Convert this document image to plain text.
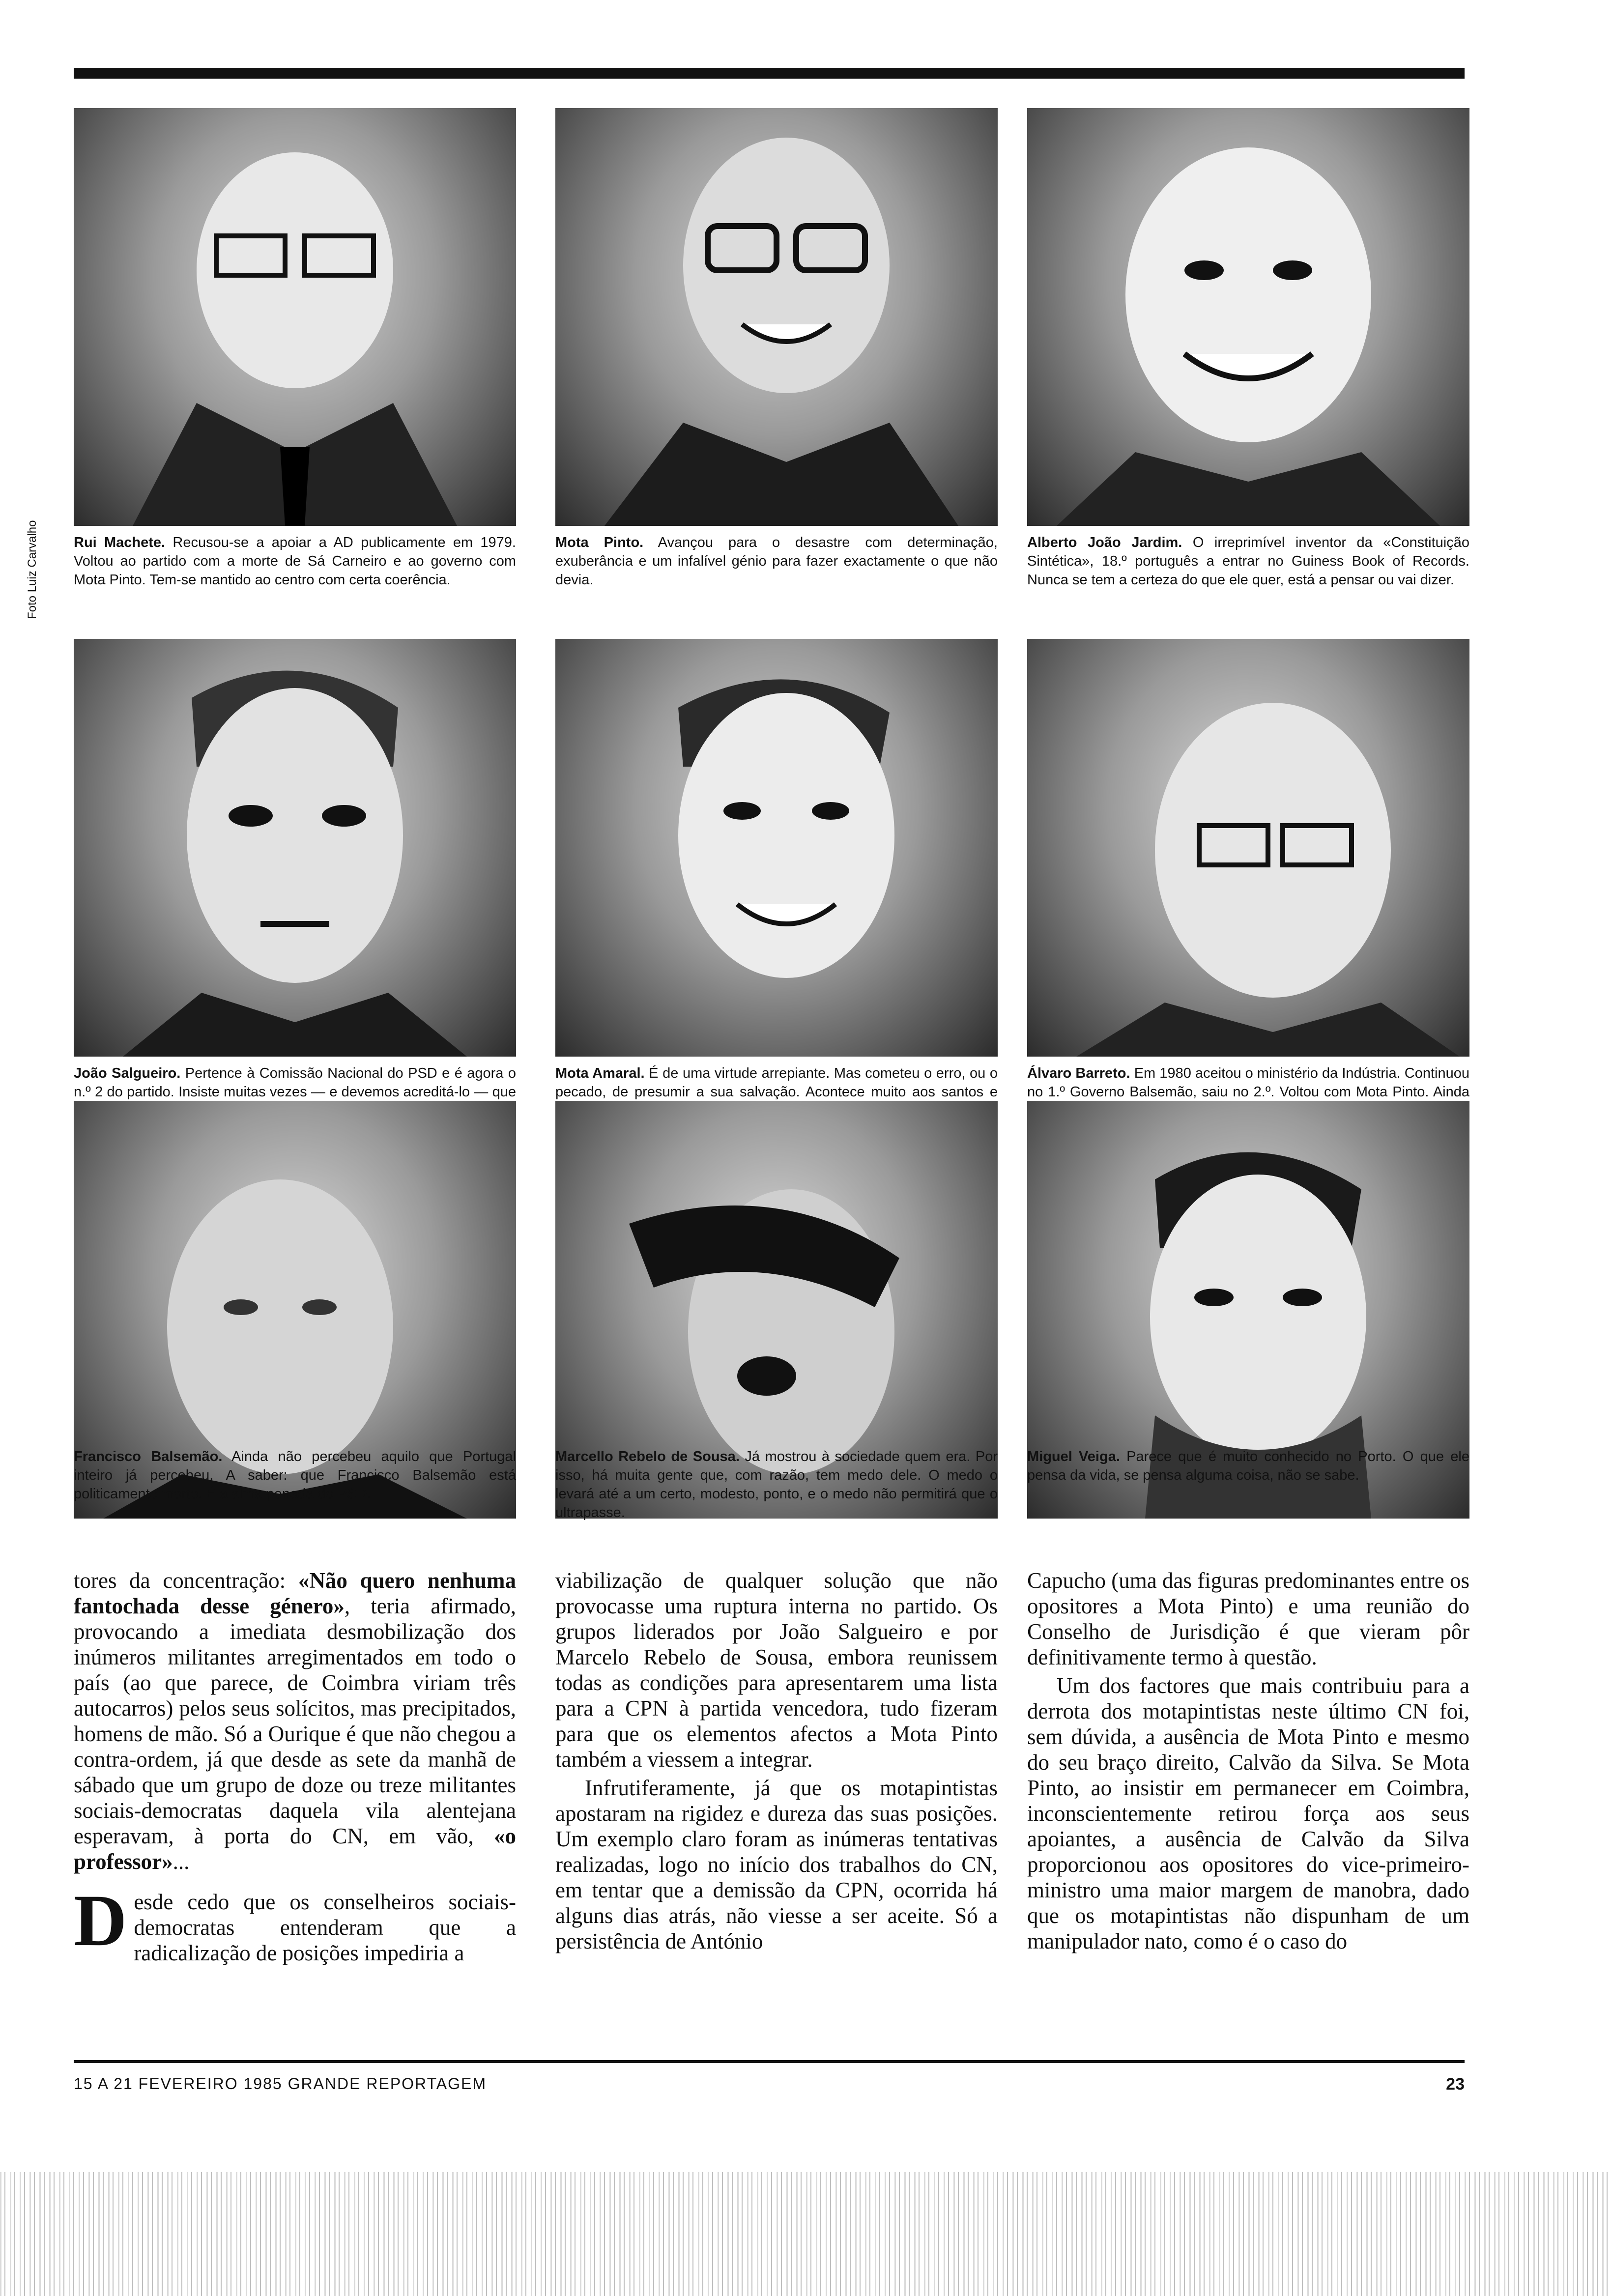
Foto Luiz Carvalho Rui Machete. Recusou-se a apoiar a AD publicamente em 1979. Voltou ao partido com a morte de Sá Carneiro e ao governo com Mota Pinto. Tem-se mantido ao centro com certa coerência.
Mota Pinto. Avançou para o desastre com determinação, exuberância e um infalível génio para fazer exactamente o que não devia.
Alberto João Jardim. O irreprimível inventor da «Constituição Sintética», 18.º português a entrar no Guiness Book of Records. Nunca se tem a certeza do que ele quer, está a pensar ou vai dizer.
João Salgueiro. Pertence à Comissão Nacional do PSD e é agora o n.º 2 do partido. Insiste muitas vezes — e devemos acreditá-lo — que
Mota Amaral. É de uma virtude arrepiante. Mas cometeu o erro, ou o pecado, de presumir a sua salvação. Acontece muito aos santos e
Álvaro Barreto. Em 1980 aceitou o ministério da Indústria. Continuou no 1.º Governo Balsemão, saiu no 2.º. Voltou com Mota Pinto. Ainda
Francisco Balsemão. Ainda não percebeu aquilo que Portugal inteiro já percebeu. A saber: que Francisco Balsemão está politicamente morto. É a alma penada do PSD.
Marcello Rebelo de Sousa. Já mostrou à sociedade quem era. Por isso, há muita gente que, com razão, tem medo dele. O medo o levará até a um certo, modesto, ponto, e o medo não permitirá que o ultrapasse.
Miguel Veiga. Parece que é muito conhecido no Porto. O que ele pensa da vida, se pensa alguma coisa, não se sabe.

tores da concentração: «Não quero nenhuma fantochada desse género», teria afirmado, provocando a imediata desmobilização dos inúmeros militantes arregimentados em todo o país (ao que parece, de Coimbra viriam três autocarros) pelos seus solícitos, mas precipitados, homens de mão. Só a Ourique é que não chegou a contra-ordem, já que desde as sete da manhã de sábado que um grupo de doze ou treze militantes sociais-democratas daquela vila alentejana esperavam, à porta do CN, em vão, «o professor»...

Desde cedo que os conselheiros sociais-democratas entenderam que a radicalização de posições impediria a

viabilização de qualquer solução que não provocasse uma ruptura interna no partido. Os grupos liderados por João Salgueiro e por Marcelo Rebelo de Sousa, embora reunissem todas as condições para apresentarem uma lista para a CPN à partida vencedora, tudo fizeram para que os elementos afectos a Mota Pinto também a viessem a integrar.

Infrutiferamente, já que os motapintistas apostaram na rigidez e dureza das suas posições. Um exemplo claro foram as inúmeras tentativas realizadas, logo no início dos trabalhos do CN, em tentar que a demissão da CPN, ocorrida há alguns dias atrás, não viesse a ser aceite. Só a persistência de António

Capucho (uma das figuras predominantes entre os opositores a Mota Pinto) e uma reunião do Conselho de Jurisdição é que vieram pôr definitivamente termo à questão.

Um dos factores que mais contribuiu para a derrota dos motapintistas neste último CN foi, sem dúvida, a ausência de Mota Pinto e mesmo do seu braço direito, Calvão da Silva. Se Mota Pinto, ao insistir em permanecer em Coimbra, inconscientemente retirou força aos seus apoiantes, a ausência de Calvão da Silva proporcionou aos opositores do vice-primeiro-ministro uma maior margem de manobra, dado que os motapintistas não dispunham de um manipulador nato, como é o caso do

15 A 21 FEVEREIRO 1985 GRANDE REPORTAGEM	23
